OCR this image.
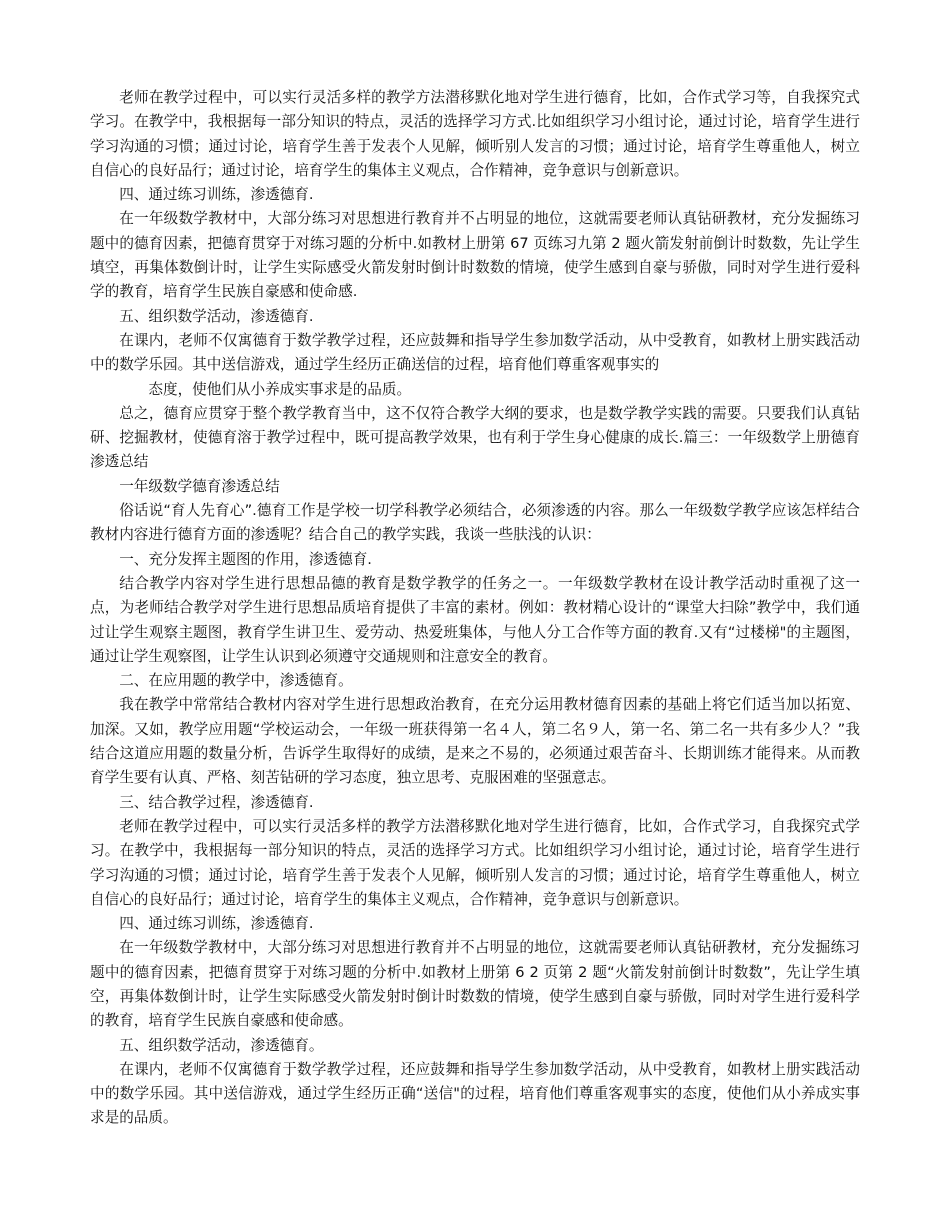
老师在教学过程中，可以实行灵活多样的教学方法潜移默化地对学生进行德育，比如，合作式学习等，自我探究式学习。在教学中，我根据每一部分知识的特点，灵活的选择学习方式.比如组织学习小组讨论，通过讨论，培育学生进行学习沟通的习惯；通过讨论，培育学生善于发表个人见解，倾听别人发言的习惯；通过讨论，培育学生尊重他人，树立自信心的良好品行；通过讨论，培育学生的集体主义观点，合作精神，竞争意识与创新意识。

四、通过练习训练，渗透德育.

在一年级数学教材中，大部分练习对思想进行教育并不占明显的地位，这就需要老师认真钻研教材，充分发掘练习题中的德育因素，把德育贯穿于对练习题的分析中.如教材上册第 67 页练习九第 2 题火箭发射前倒计时数数，先让学生填空，再集体数倒计时，让学生实际感受火箭发射时倒计时数数的情境，使学生感到自豪与骄傲，同时对学生进行爱科学的教育，培育学生民族自豪感和使命感.

五、组织数学活动，渗透德育.

在课内，老师不仅寓德育于数学教学过程，还应鼓舞和指导学生参加数学活动，从中受教育，如教材上册实践活动中的数学乐园。其中送信游戏，通过学生经历正确送信的过程，培育他们尊重客观事实的

态度，使他们从小养成实事求是的品质。

总之，德育应贯穿于整个教学教育当中，这不仅符合教学大纲的要求，也是数学教学实践的需要。只要我们认真钻研、挖掘教材，使德育溶于教学过程中，既可提高教学效果，也有利于学生身心健康的成长.篇三：一年级数学上册德育渗透总结

一年级数学德育渗透总结

俗话说“育人先育心”.德育工作是学校一切学科教学必须结合，必须渗透的内容。那么一年级数学教学应该怎样结合教材内容进行德育方面的渗透呢？结合自己的教学实践，我谈一些肤浅的认识：

一、充分发挥主题图的作用，渗透德育.

结合教学内容对学生进行思想品德的教育是数学教学的任务之一。一年级数学教材在设计教学活动时重视了这一点，为老师结合教学对学生进行思想品质培育提供了丰富的素材。例如：教材精心设计的“课堂大扫除”教学中，我们通过让学生观察主题图，教育学生讲卫生、爱劳动、热爱班集体，与他人分工合作等方面的教育.又有“过楼梯"的主题图，通过让学生观察图，让学生认识到必须遵守交通规则和注意安全的教育。

二、在应用题的教学中，渗透德育。

我在教学中常常结合教材内容对学生进行思想政治教育，在充分运用教材德育因素的基础上将它们适当加以拓宽、加深。又如，教学应用题“学校运动会，一年级一班获得第一名４人，第二名９人，第一名、第二名一共有多少人？”我结合这道应用题的数量分析，告诉学生取得好的成绩，是来之不易的，必须通过艰苦奋斗、长期训练才能得来。从而教育学生要有认真、严格、刻苦钻研的学习态度，独立思考、克服困难的坚强意志。

三、结合教学过程，渗透德育.

老师在教学过程中，可以实行灵活多样的教学方法潜移默化地对学生进行德育，比如，合作式学习，自我探究式学习。在教学中，我根据每一部分知识的特点，灵活的选择学习方式。比如组织学习小组讨论，通过讨论，培育学生进行学习沟通的习惯；通过讨论，培育学生善于发表个人见解，倾听别人发言的习惯；通过讨论，培育学生尊重他人，树立自信心的良好品行；通过讨论，培育学生的集体主义观点，合作精神，竞争意识与创新意识。

四、通过练习训练，渗透德育.

在一年级数学教材中，大部分练习对思想进行教育并不占明显的地位，这就需要老师认真钻研教材，充分发掘练习题中的德育因素，把德育贯穿于对练习题的分析中.如教材上册第 6 2 页第 2 题“火箭发射前倒计时数数”，先让学生填空，再集体数倒计时，让学生实际感受火箭发射时倒计时数数的情境，使学生感到自豪与骄傲，同时对学生进行爱科学的教育，培育学生民族自豪感和使命感。

五、组织数学活动，渗透德育。

在课内，老师不仅寓德育于数学教学过程，还应鼓舞和指导学生参加数学活动，从中受教育，如教材上册实践活动中的数学乐园。其中送信游戏，通过学生经历正确“送信"的过程，培育他们尊重客观事实的态度，使他们从小养成实事求是的品质。
